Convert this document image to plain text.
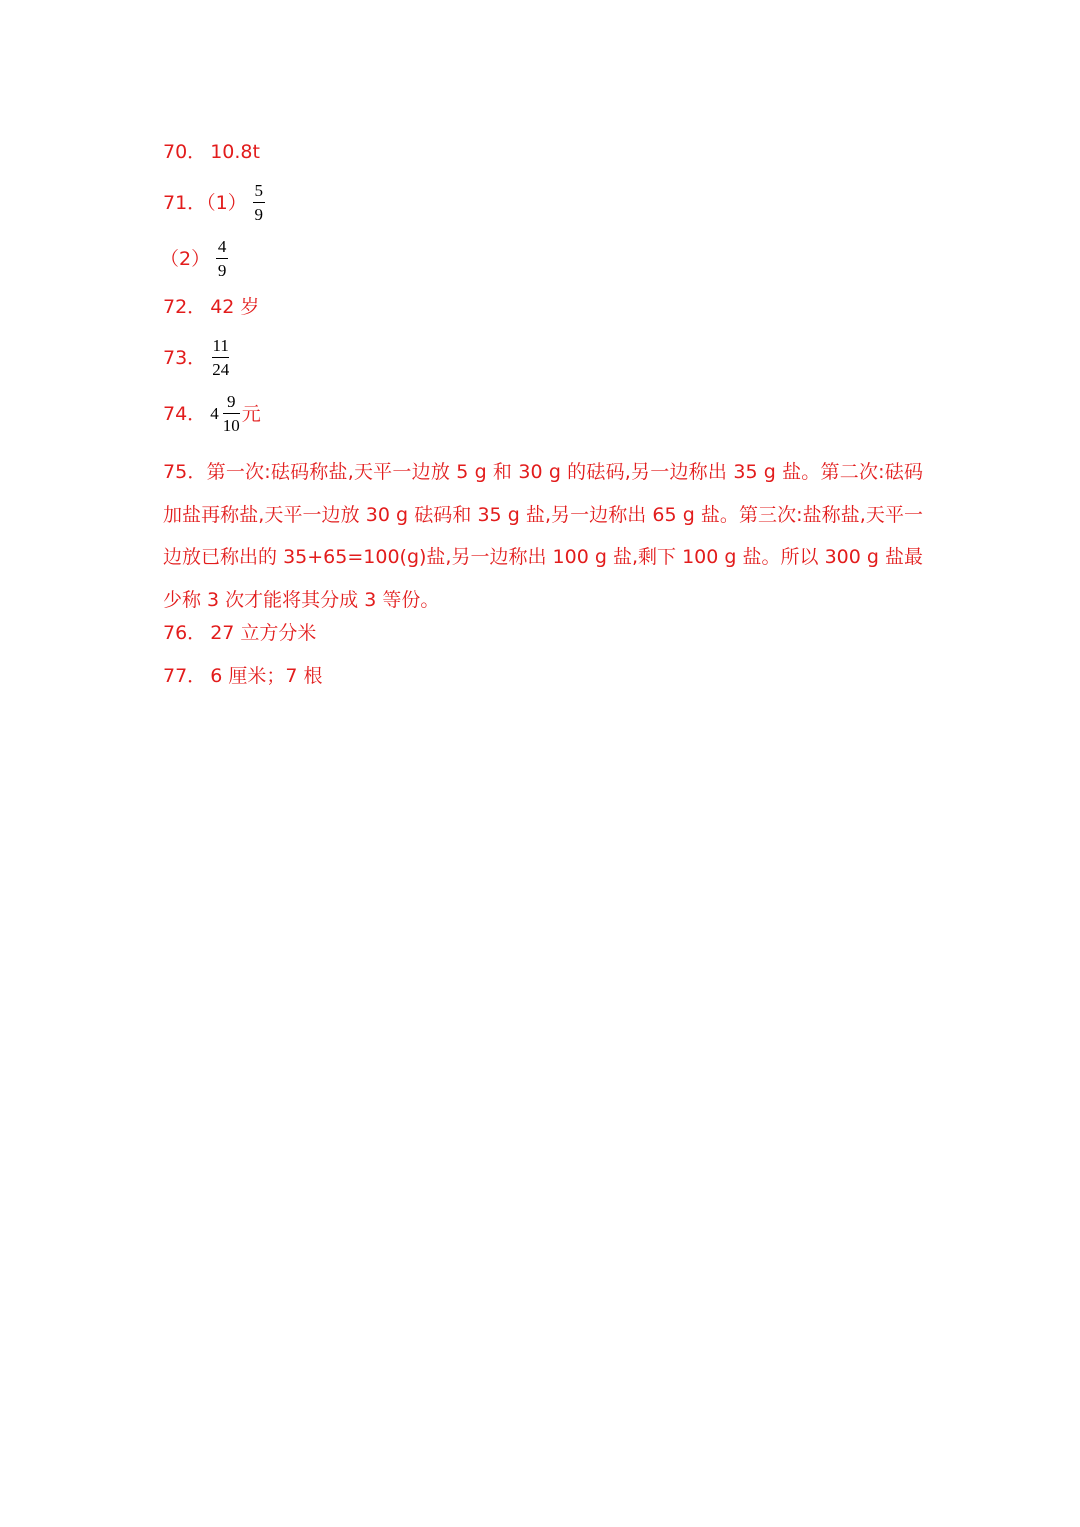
70． 10.8t
71．$(1) \frac{5}{9}$
$(2) \frac{4}{9}$
72． 42 岁
73． $\frac{11}{24}$
74． $4 \frac{9}{10}$ 元
75．第一次:砝码称盐,天平一边放 5 g 和 30 g 的砝码,另一边称出 35 g 盐。第二次:砝码加盐再称盐,天平一边放 30 g 砝码和 35 g 盐,另一边称出 65 g 盐。第三次:盐称盐,天平一边放已称出的 35+65=100(g)盐,另一边称出 100 g 盐,剩下 100 g 盐。所以 300 g 盐最少称 3 次才能将其分成 3 等份。
76． 27 立方分米
77． 6 厘米；7 根
